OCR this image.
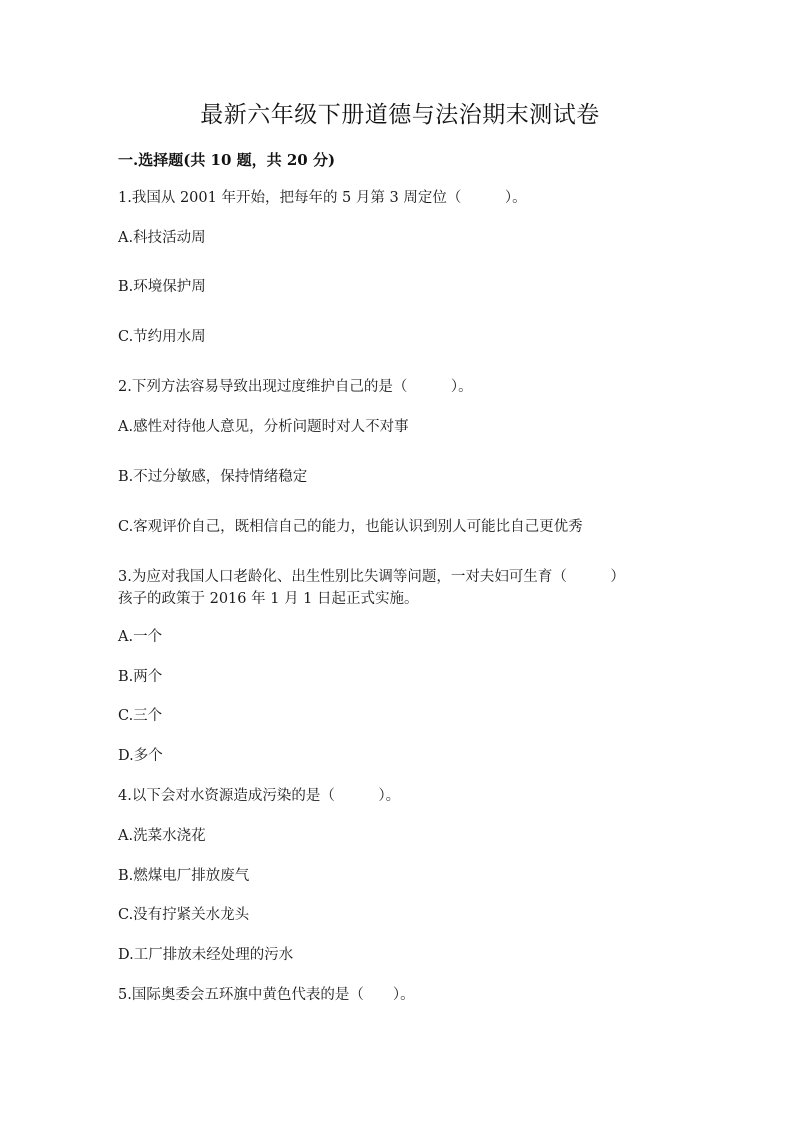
最新六年级下册道德与法治期末测试卷
一.选择题(共 10 题，共 20 分)
1.我国从 2001 年开始，把每年的 5 月第 3 周定位（　　　）。
A.科技活动周
B.环境保护周
C.节约用水周
2.下列方法容易导致出现过度维护自己的是（　　　）。
A.感性对待他人意见，分析问题时对人不对事
B.不过分敏感，保持情绪稳定
C.客观评价自己，既相信自己的能力，也能认识到别人可能比自己更优秀
3.为应对我国人口老龄化、出生性别比失调等问题，一对夫妇可生育（　　　）
孩子的政策于 2016 年 1 月 1 日起正式实施。
A.一个
B.两个
C.三个
D.多个
4.以下会对水资源造成污染的是（　　　）。
A.洗菜水浇花
B.燃煤电厂排放废气
C.没有拧紧关水龙头
D.工厂排放未经处理的污水
5.国际奥委会五环旗中黄色代表的是（　　）。
